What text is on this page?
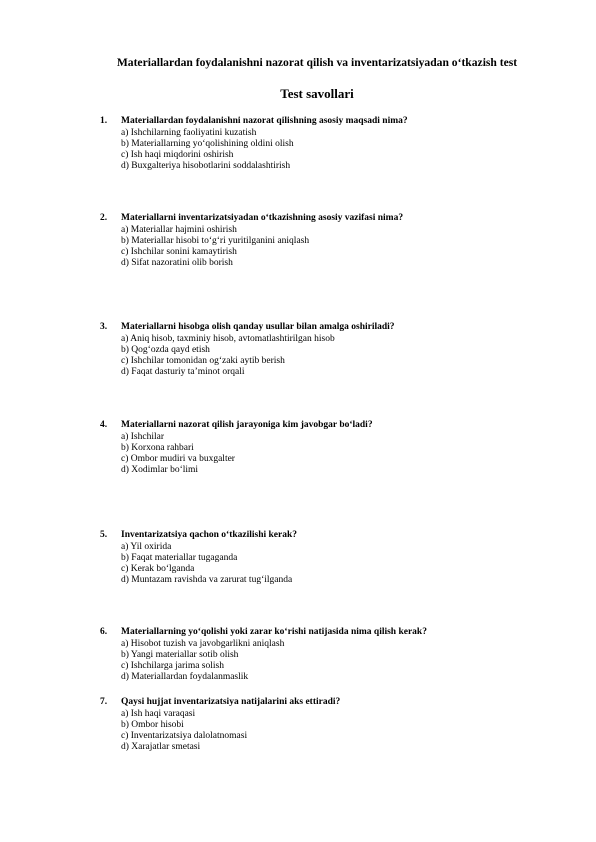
Materiallardan foydalanishni nazorat qilish va inventarizatsiyadan o‘tkazish test
Test savollari
1.	Materiallardan foydalanishni nazorat qilishning asosiy maqsadi nima?
a) Ishchilarning faoliyatini kuzatish
b) Materiallarning yo‘qolishining oldini olish
c) Ish haqi miqdorini oshirish
d) Buxgalteriya hisobotlarini soddalashtirish
2.	Materiallarni inventarizatsiyadan o‘tkazishning asosiy vazifasi nima?
a) Materiallar hajmini oshirish
b) Materiallar hisobi to‘g‘ri yuritilganini aniqlash
c) Ishchilar sonini kamaytirish
d) Sifat nazoratini olib borish
3.	Materiallarni hisobga olish qanday usullar bilan amalga oshiriladi?
a) Aniq hisob, taxminiy hisob, avtomatlashtirilgan hisob
b) Qog‘ozda qayd etish
c) Ishchilar tomonidan og‘zaki aytib berish
d) Faqat dasturiy ta’minot orqali
4.	Materiallarni nazorat qilish jarayoniga kim javobgar bo‘ladi?
a) Ishchilar
b) Korxona rahbari
c) Ombor mudiri va buxgalter
d) Xodimlar bo‘limi
5.	Inventarizatsiya qachon o‘tkazilishi kerak?
a) Yil oxirida
b) Faqat materiallar tugaganda
c) Kerak bo‘lganda
d) Muntazam ravishda va zarurat tug‘ilganda
6.	Materiallarning yo‘qolishi yoki zarar ko‘rishi natijasida nima qilish kerak?
a) Hisobot tuzish va javobgarlikni aniqlash
b) Yangi materiallar sotib olish
c) Ishchilarga jarima solish
d) Materiallardan foydalanmaslik
7.	Qaysi hujjat inventarizatsiya natijalarini aks ettiradi?
a) Ish haqi varaqasi
b) Ombor hisobi
c) Inventarizatsiya dalolatnomasi
d) Xarajatlar smetasi
